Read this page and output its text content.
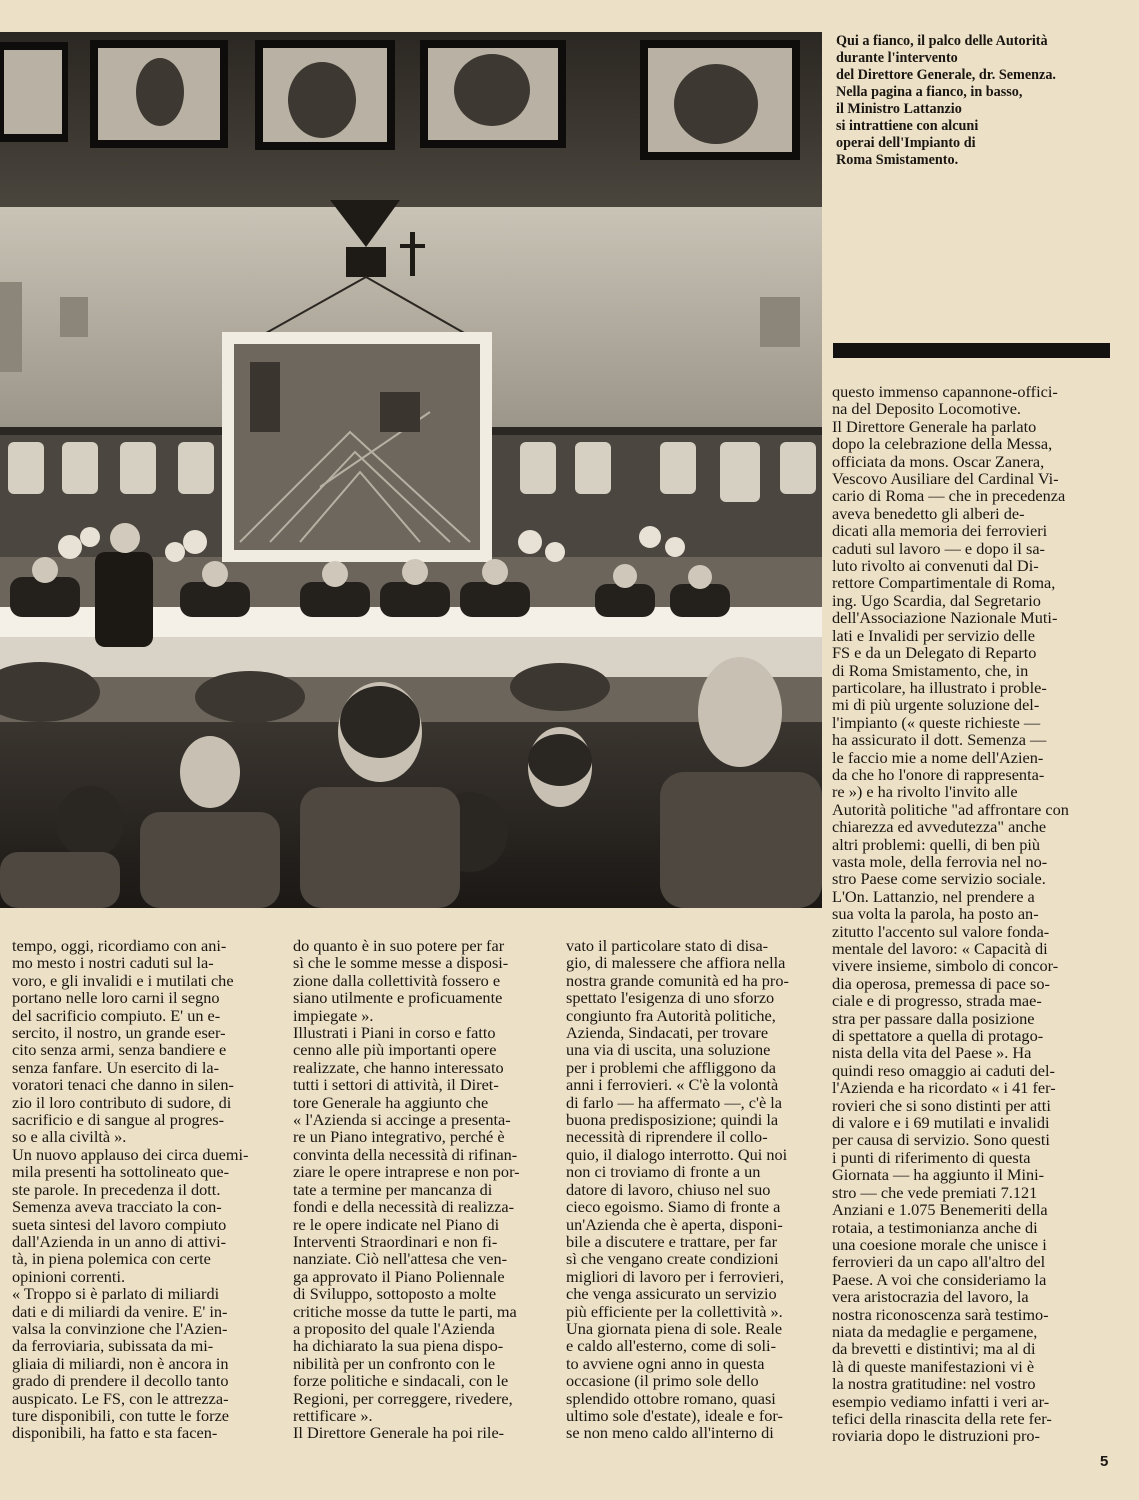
Qui a fianco, il palco delle Autorità
durante l'intervento
del Direttore Generale, dr. Semenza.
Nella pagina a fianco, in basso,
il Ministro Lattanzio
si intrattiene con alcuni
operai dell'Impianto di
Roma Smistamento.
tempo, oggi, ricordiamo con ani-
mo mesto i nostri caduti sul la-
voro, e gli invalidi e i mutilati che
portano nelle loro carni il segno
del sacrificio compiuto. E' un e-
sercito, il nostro, un grande eser-
cito senza armi, senza bandiere e
senza fanfare. Un esercito di la-
voratori tenaci che danno in silen-
zio il loro contributo di sudore, di
sacrificio e di sangue al progres-
so e alla civiltà ».
Un nuovo applauso dei circa duemi-
mila presenti ha sottolineato que-
ste parole. In precedenza il dott.
Semenza aveva tracciato la con-
sueta sintesi del lavoro compiuto
dall'Azienda in un anno di attivi-
tà, in piena polemica con certe
opinioni correnti.
« Troppo si è parlato di miliardi
dati e di miliardi da venire. E' in-
valsa la convinzione che l'Azien-
da ferroviaria, subissata da mi-
gliaia di miliardi, non è ancora in
grado di prendere il decollo tanto
auspicato. Le FS, con le attrezza-
ture disponibili, con tutte le forze
disponibili, ha fatto e sta facen-
do quanto è in suo potere per far
sì che le somme messe a disposi-
zione dalla collettività fossero e
siano utilmente e proficuamente
impiegate ».
Illustrati i Piani in corso e fatto
cenno alle più importanti opere
realizzate, che hanno interessato
tutti i settori di attività, il Diret-
tore Generale ha aggiunto che
« l'Azienda si accinge a presenta-
re un Piano integrativo, perché è
convinta della necessità di rifinan-
ziare le opere intraprese e non por-
tate a termine per mancanza di
fondi e della necessità di realizza-
re le opere indicate nel Piano di
Interventi Straordinari e non fi-
nanziate. Ciò nell'attesa che ven-
ga approvato il Piano Poliennale
di Sviluppo, sottoposto a molte
critiche mosse da tutte le parti, ma
a proposito del quale l'Azienda
ha dichiarato la sua piena dispo-
nibilità per un confronto con le
forze politiche e sindacali, con le
Regioni, per correggere, rivedere,
rettificare ».
Il Direttore Generale ha poi rile-
vato il particolare stato di disa-
gio, di malessere che affiora nella
nostra grande comunità ed ha pro-
spettato l'esigenza di uno sforzo
congiunto fra Autorità politiche,
Azienda, Sindacati, per trovare
una via di uscita, una soluzione
per i problemi che affliggono da
anni i ferrovieri. « C'è la volontà
di farlo — ha affermato —, c'è la
buona predisposizione; quindi la
necessità di riprendere il collo-
quio, il dialogo interrotto. Qui noi
non ci troviamo di fronte a un
datore di lavoro, chiuso nel suo
cieco egoismo. Siamo di fronte a
un'Azienda che è aperta, disponi-
bile a discutere e trattare, per far
sì che vengano create condizioni
migliori di lavoro per i ferrovieri,
che venga assicurato un servizio
più efficiente per la collettività ».
Una giornata piena di sole. Reale
e caldo all'esterno, come di soli-
to avviene ogni anno in questa
occasione (il primo sole dello
splendido ottobre romano, quasi
ultimo sole d'estate), ideale e for-
se non meno caldo all'interno di
questo immenso capannone-offici-
na del Deposito Locomotive.
Il Direttore Generale ha parlato
dopo la celebrazione della Messa,
officiata da mons. Oscar Zanera,
Vescovo Ausiliare del Cardinal Vi-
cario di Roma — che in precedenza
aveva benedetto gli alberi de-
dicati alla memoria dei ferrovieri
caduti sul lavoro — e dopo il sa-
luto rivolto ai convenuti dal Di-
rettore Compartimentale di Roma,
ing. Ugo Scardia, dal Segretario
dell'Associazione Nazionale Muti-
lati e Invalidi per servizio delle
FS e da un Delegato di Reparto
di Roma Smistamento, che, in
particolare, ha illustrato i proble-
mi di più urgente soluzione del-
l'impianto (« queste richieste —
ha assicurato il dott. Semenza —
le faccio mie a nome dell'Azien-
da che ho l'onore di rappresenta-
re ») e ha rivolto l'invito alle
Autorità politiche "ad affrontare con
chiarezza ed avvedutezza" anche
altri problemi: quelli, di ben più
vasta mole, della ferrovia nel no-
stro Paese come servizio sociale.
L'On. Lattanzio, nel prendere a
sua volta la parola, ha posto an-
zitutto l'accento sul valore fonda-
mentale del lavoro: « Capacità di
vivere insieme, simbolo di concor-
dia operosa, premessa di pace so-
ciale e di progresso, strada mae-
stra per passare dalla posizione
di spettatore a quella di protago-
nista della vita del Paese ». Ha
quindi reso omaggio ai caduti del-
l'Azienda e ha ricordato « i 41 fer-
rovieri che si sono distinti per atti
di valore e i 69 mutilati e invalidi
per causa di servizio. Sono questi
i punti di riferimento di questa
Giornata — ha aggiunto il Mini-
stro — che vede premiati 7.121
Anziani e 1.075 Benemeriti della
rotaia, a testimonianza anche di
una coesione morale che unisce i
ferrovieri da un capo all'altro del
Paese. A voi che consideriamo la
vera aristocrazia del lavoro, la
nostra riconoscenza sarà testimo-
niata da medaglie e pergamene,
da brevetti e distintivi; ma al di
là di queste manifestazioni vi è
la nostra gratitudine: nel vostro
esempio vediamo infatti i veri ar-
tefici della rinascita della rete fer-
roviaria dopo le distruzioni pro-
5
